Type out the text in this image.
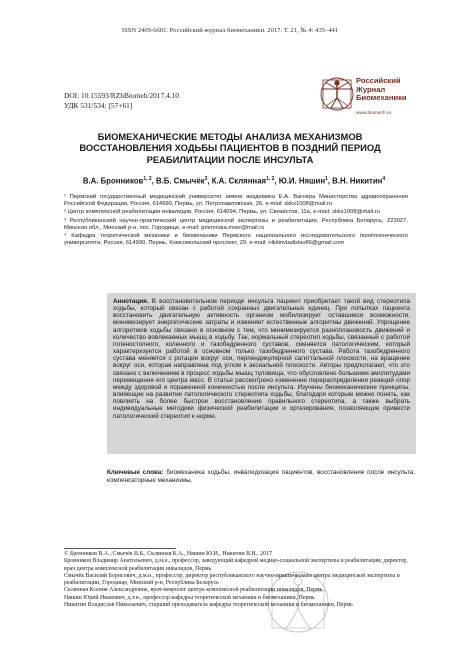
ISSN 2409-6601. Российский журнал биомеханики. 2017. Т. 21, № 4: 435–441
DOI: 10.15593/RZhBiomeh/2017.4.10
УДК 531/534: [57+61]
Российский
Журнал
Биомеханики
www.biomech.ru
БИОМЕХАНИЧЕСКИЕ МЕТОДЫ АНАЛИЗА МЕХАНИЗМОВ ВОССТАНОВЛЕНИЯ ХОДЬБЫ ПАЦИЕНТОВ В ПОЗДНИЙ ПЕРИОД РЕАБИЛИТАЦИИ ПОСЛЕ ИНСУЛЬТА
В.А. Бронников$^{1, 2}$, В.Б. Смычёк$^3$, К.А. Склянная$^{1, 2}$, Ю.И. Няшин$^1$, В.Н. Никитин$^4$

¹ Пермский государственный медицинский университет имени академика Е.А. Вагнера Министерства здравоохранения Российской Федерации, Россия, 614990, Пермь, ул. Петропавловская, 26, e-mail: skks1008@mail.ru

² Центр комплексной реабилитации инвалидов, Россия, 614094, Пермь, ул. Связистов, 11а, e-mail: skks1008@mail.ru

³ Республиканский научно-практический центр медицинской экспертизы и реабилитации, Республика Беларусь, 223027, Минская обл., Минский р-н, пос. Городище, e-mail: priemnaia.mser@mail.ru

⁴ Кафедра теоретической механики и биомеханики Пермского национального исследовательского политехнического университета, Россия, 614990, Пермь, Комсомольский проспект, 29, e-mail: nikitinvladislav86@gmail.com

Аннотация. В восстановительном периоде инсульта пациент приобретает такой вид стереотипа ходьбы, который связан с работой сохранных двигательных единиц. При попытках пациента восстановить двигательную активность организм мобилизирует оставшиеся возможности, минимизирует энергетические затраты и изменяет естественные алгоритмы движений. Упрощение алгоритмов ходьбы связано в основном с тем, что минимизируется разноплановость движений и количество вовлекаемых мышц в ходьбу. Так, нормальный стереотип ходьбы, связанный с работой голеностопного, коленного и тазобедренного суставов, сменяется патологическим, который характеризуется работой в основном только тазобедренного сустава. Работа тазобедренного сустава меняется с ротации вокруг оси, перпендикулярной сагиттальной плоскости, на вращение вокруг оси, которая направлена под углом к аксиальной плоскости. Авторы предполагают, что это связано с включением в процесс ходьбы мышц туловища, что обусловлено большими амплитудами перемещения его центра масс. В статье рассмотрено изменение перераспределения реакций опор между здоровой и пораженной конечностью после инсульта. Изучены биомеханические принципы, влияющие на развитие патологического стереотипа ходьбы, благодаря которым можно понять, как повлиять на более быстрое восстановление правильного стереотипа, а также выбрать индивидуальные методики физической реабилитации и ортезирования, позволяющие привести патологический стереотип к норме.
Ключевые слова: биомеханика ходьбы, инвалидизация пациентов, восстановление после инсульта, компенсаторные механизмы.
© Бронников В.А., Смычёк В.Б., Склянная К.А., Няшин Ю.И., Никитин В.Н., 2017
Бронников Владимир Анатольевич, д.м.н., профессор, заведующий кафедрой медико-социальной экспертизы и реабилитации; директор, врач центра комплексной реабилитации инвалидов, Пермь
Смычёк Василий Борисович, д.м.н., профессор, директор республиканского научно-практического центра медицинской экспертизы и реабилитации, Городище, Минский р-н, Республика Беларусь
Склянная Ксения Александровна, врач-невролог центра комплексной реабилитации инвалидов, Пермь
Няшин Юрий Иванович, д.т.н., профессор кафедры теоретической механики и биомеханики, Пермь
Никитин Владислав Николаевич, старший преподаватель кафедры теоретической механики и биомеханики, Пермь
